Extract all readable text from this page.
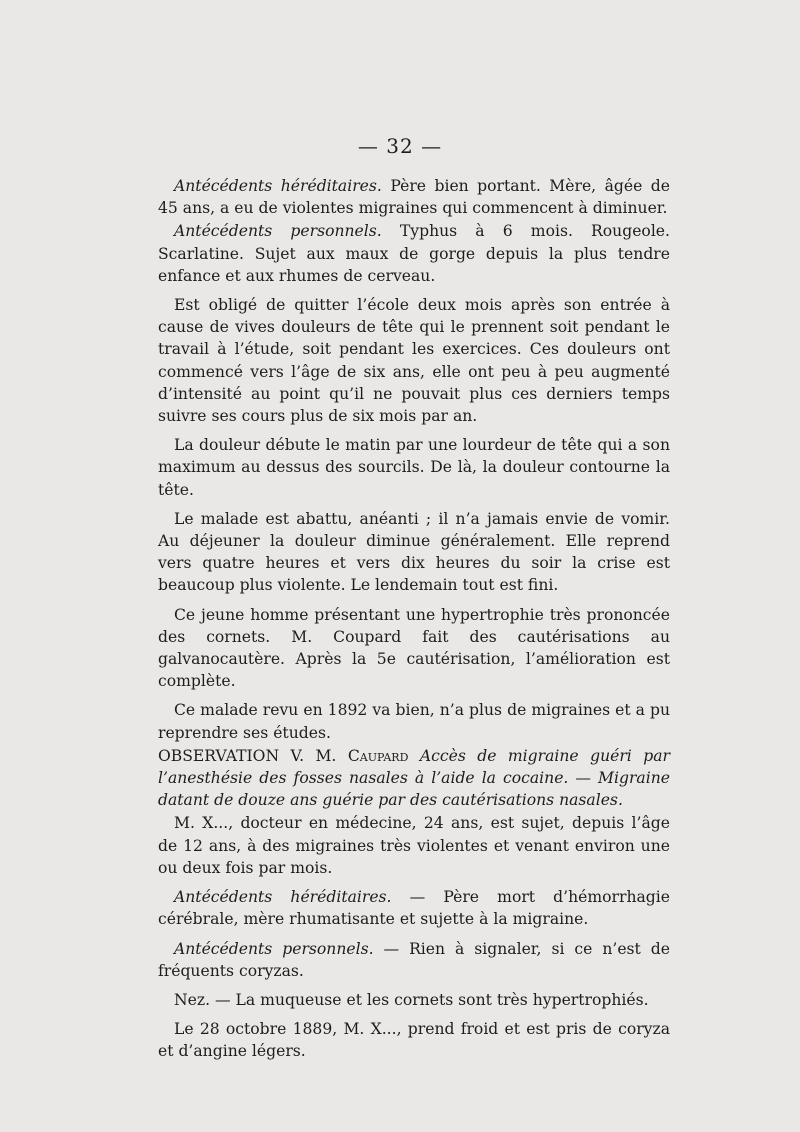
— 32 —

Antécédents héréditaires. Père bien portant. Mère, âgée de 45 ans, a eu de violentes migraines qui commencent à diminuer.

Antécédents personnels. Typhus à 6 mois. Rougeole. Scarlatine. Sujet aux maux de gorge depuis la plus tendre enfance et aux rhumes de cerveau.

Est obligé de quitter l’école deux mois après son entrée à cause de vives douleurs de tête qui le prennent soit pendant le travail à l’étude, soit pendant les exercices. Ces douleurs ont commencé vers l’âge de six ans, elle ont peu à peu augmenté d’intensité au point qu’il ne pouvait plus ces derniers temps suivre ses cours plus de six mois par an.

La douleur débute le matin par une lourdeur de tête qui a son maximum au dessus des sourcils. De là, la douleur contourne la tête.

Le malade est abattu, anéanti ; il n’a jamais envie de vomir. Au déjeuner la douleur diminue généralement. Elle reprend vers quatre heures et vers dix heures du soir la crise est beaucoup plus violente. Le lendemain tout est fini.

Ce jeune homme présentant une hypertrophie très prononcée des cornets. M. Coupard fait des cautérisations au galvanocautère. Après la 5e cautérisation, l’amélioration est complète.

Ce malade revu en 1892 va bien, n’a plus de migraines et a pu reprendre ses études.

OBSERVATION V. M. Caupard Accès de migraine guéri par l’anesthésie des fosses nasales à l’aide la cocaine. — Migraine datant de douze ans guérie par des cautérisations nasales.

M. X..., docteur en médecine, 24 ans, est sujet, depuis l’âge de 12 ans, à des migraines très violentes et venant environ une ou deux fois par mois.

Antécédents héréditaires. — Père mort d’hémorrhagie cérébrale, mère rhumatisante et sujette à la migraine.

Antécédents personnels. — Rien à signaler, si ce n’est de fréquents coryzas.

Nez. — La muqueuse et les cornets sont très hypertrophiés.

Le 28 octobre 1889, M. X..., prend froid et est pris de coryza et d’angine légers.
